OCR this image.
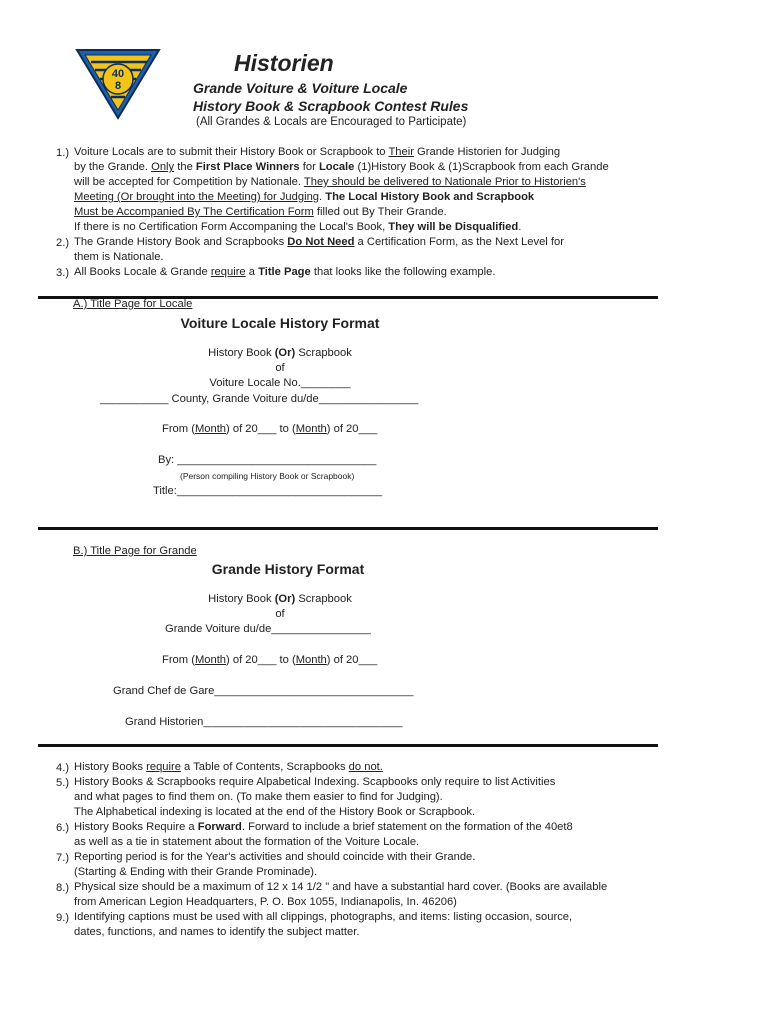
40
8
Historien
Grande Voiture & Voiture Locale
History Book & Scrapbook Contest Rules
(All Grandes & Locals are Encouraged to Participate)
1.) Voiture Locals are to submit their History Book or Scrapbook to Their Grande Historien for Judging
by the Grande. Only the First Place Winners for Locale (1)History Book & (1)Scrapbook from each Grande
will be accepted for Competition by Nationale. They should be delivered to Nationale Prior to Historien's
Meeting (Or brought into the Meeting) for Judging. The Local History Book and Scrapbook
Must be Accompanied By The Certification Form filled out By Their Grande.
If there is no Certification Form Accompaning the Local's Book, They will be Disqualified.
2.) The Grande History Book and Scrapbooks Do Not Need a Certification Form, as the Next Level for
them is Nationale.
3.) All Books Locale & Grande require a Title Page that looks like the following example.
A.) Title Page for Locale
Voiture Locale History Format
History Book (Or) Scrapbook
of
Voiture Locale No.________
___________ County, Grande Voiture du/de________________
From (Month) of 20___ to (Month) of 20___
By: ________________________________
(Person compiling History Book or Scrapbook)
Title:_________________________________
B.) Title Page for Grande
Grande History Format
History Book (Or) Scrapbook
of
Grande Voiture du/de________________
From (Month) of 20___ to (Month) of 20___
Grand Chef de Gare________________________________
Grand Historien________________________________
4.) History Books require a Table of Contents, Scrapbooks do not.
5.) History Books & Scrapbooks require Alpabetical Indexing. Scapbooks only require to list Activities
and what pages to find them on. (To make them easier to find for Judging).
The Alphabetical indexing is located at the end of the History Book or Scrapbook.
6.) History Books Require a Forward. Forward to include a brief statement on the formation of the 40et8
as well as a tie in statement about the formation of the Voiture Locale.
7.) Reporting period is for the Year's activities and should coincide with their Grande.
(Starting & Ending with their Grande Prominade).
8.) Physical size should be a maximum of 12 x 14 1/2 " and have a substantial hard cover. (Books are available
from American Legion Headquarters, P. O. Box 1055, Indianapolis, In. 46206)
9.) Identifying captions must be used with all clippings, photographs, and items: listing occasion, source,
dates, functions, and names to identify the subject matter.
